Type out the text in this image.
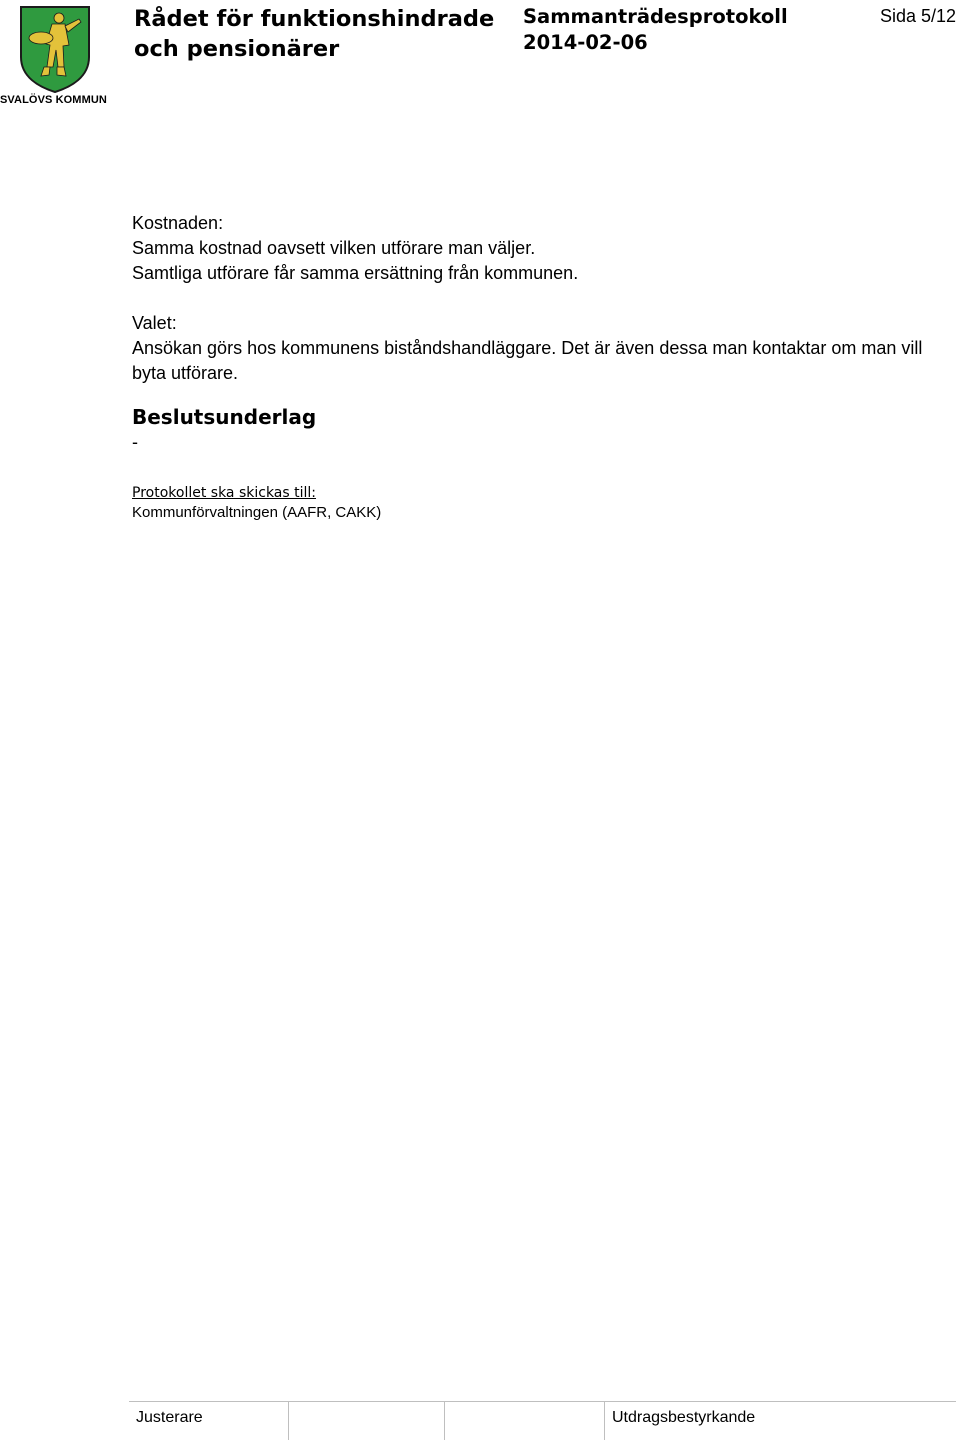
SVALÖVS KOMMUN
Rådet för funktionshindrade och pensionärer
Sammanträdesprotokoll
2014-02-06
Sida 5/12

Kostnaden:

Samma kostnad oavsett vilken utförare man väljer.

Samtliga utförare får samma ersättning från kommunen.

Valet:

Ansökan görs hos kommunens biståndshandläggare. Det är även dessa man kontaktar om man vill byta utförare.

Beslutsunderlag

-

Protokollet ska skickas till:

Kommunförvaltningen (AAFR, CAKK)

Justerare	Utdragsbestyrkande
